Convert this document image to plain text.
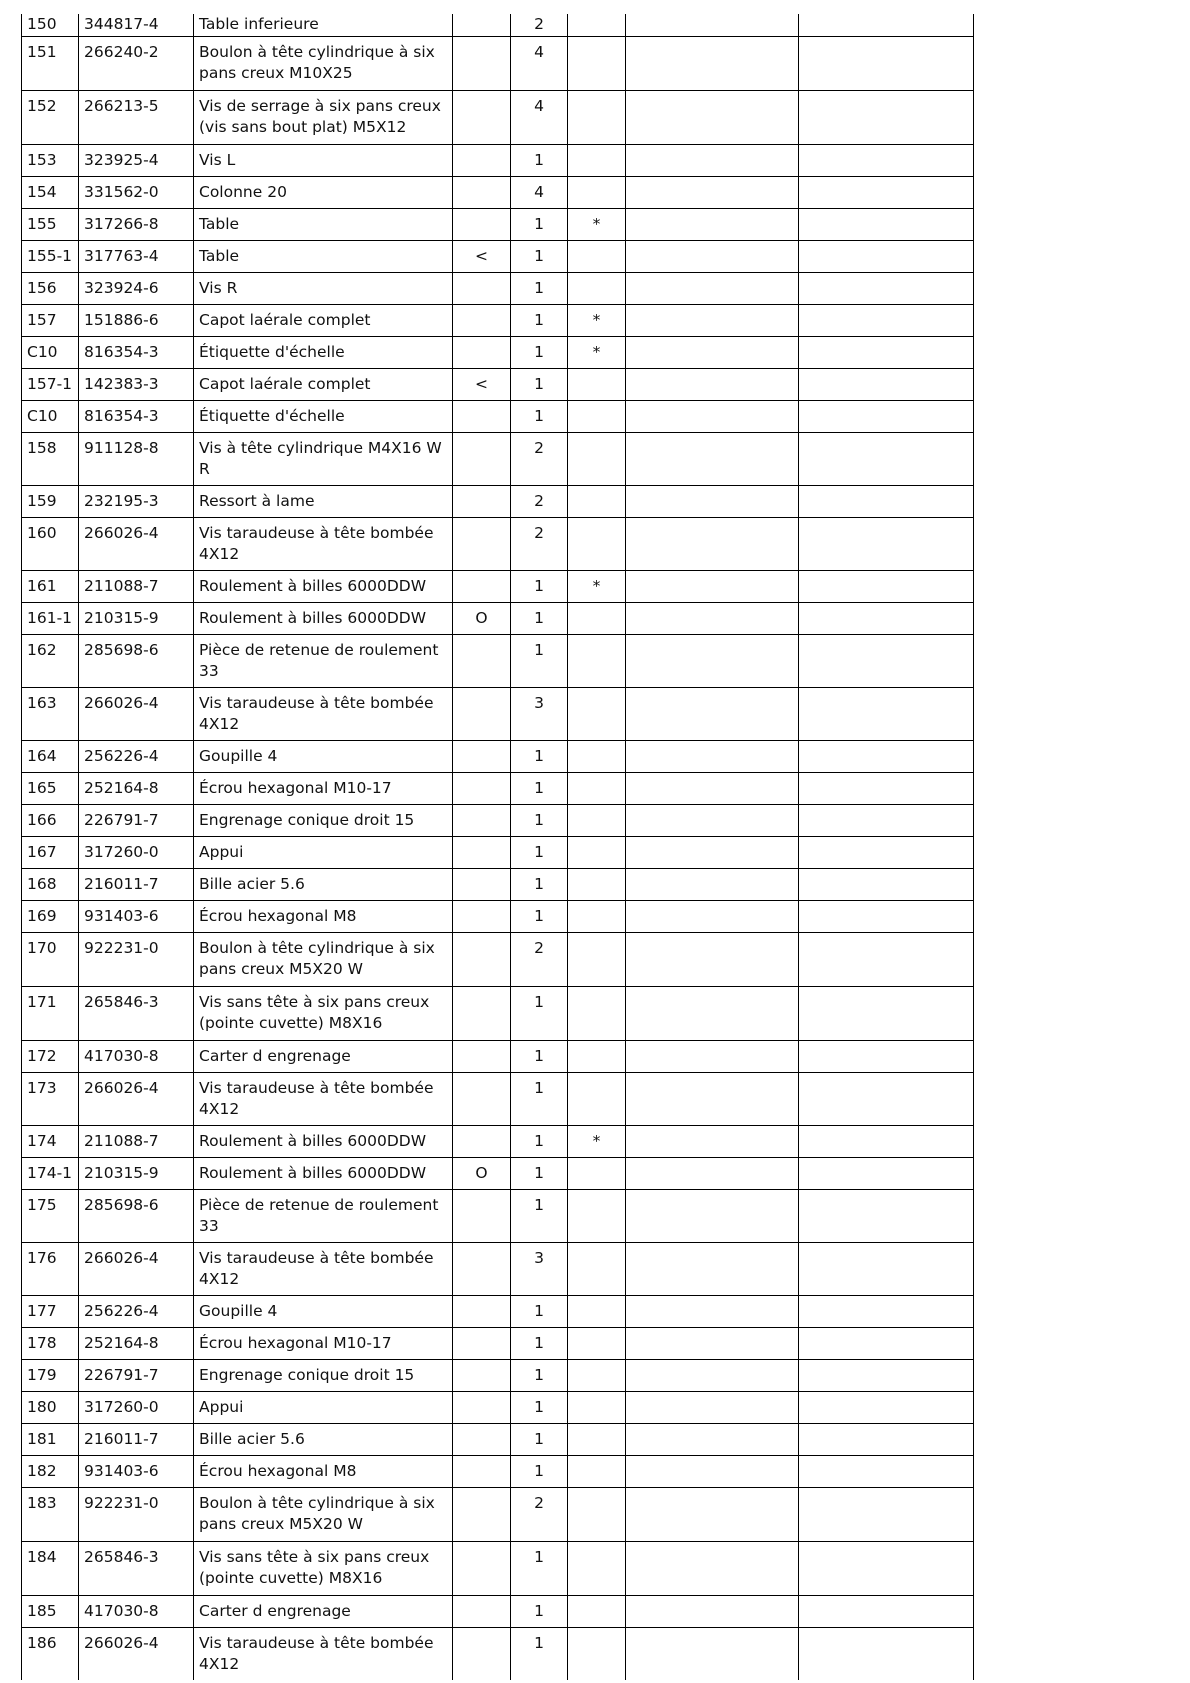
150	344817-4	Table inferieure		2			
151	266240-2	Boulon à tête cylindrique à six pans creux M10X25		4			
152	266213-5	Vis de serrage à six pans creux (vis sans bout plat) M5X12		4			
153	323925-4	Vis L		1			
154	331562-0	Colonne 20		4			
155	317266-8	Table		1	*		
155-1	317763-4	Table	<	1			
156	323924-6	Vis R		1			
157	151886-6	Capot laérale complet		1	*		
C10	816354-3	Étiquette d'échelle		1	*		
157-1	142383-3	Capot laérale complet	<	1			
C10	816354-3	Étiquette d'échelle		1			
158	911128-8	Vis à tête cylindrique M4X16 WR		2			
159	232195-3	Ressort à lame		2			
160	266026-4	Vis taraudeuse à tête bombée 4X12		2			
161	211088-7	Roulement à billes 6000DDW		1	*		
161-1	210315-9	Roulement à billes 6000DDW	O	1			
162	285698-6	Pièce de retenue de roulement 33		1			
163	266026-4	Vis taraudeuse à tête bombée 4X12		3			
164	256226-4	Goupille 4		1			
165	252164-8	Écrou hexagonal M10-17		1			
166	226791-7	Engrenage conique droit 15		1			
167	317260-0	Appui		1			
168	216011-7	Bille acier 5.6		1			
169	931403-6	Écrou hexagonal M8		1			
170	922231-0	Boulon à tête cylindrique à six pans creux M5X20 W		2			
171	265846-3	Vis sans tête à six pans creux (pointe cuvette) M8X16		1			
172	417030-8	Carter d engrenage		1			
173	266026-4	Vis taraudeuse à tête bombée 4X12		1			
174	211088-7	Roulement à billes 6000DDW		1	*		
174-1	210315-9	Roulement à billes 6000DDW	O	1			
175	285698-6	Pièce de retenue de roulement 33		1			
176	266026-4	Vis taraudeuse à tête bombée 4X12		3			
177	256226-4	Goupille 4		1			
178	252164-8	Écrou hexagonal M10-17		1			
179	226791-7	Engrenage conique droit 15		1			
180	317260-0	Appui		1			
181	216011-7	Bille acier 5.6		1			
182	931403-6	Écrou hexagonal M8		1			
183	922231-0	Boulon à tête cylindrique à six pans creux M5X20 W		2			
184	265846-3	Vis sans tête à six pans creux (pointe cuvette) M8X16		1			
185	417030-8	Carter d engrenage		1			
186	266026-4	Vis taraudeuse à tête bombée 4X12		1			
